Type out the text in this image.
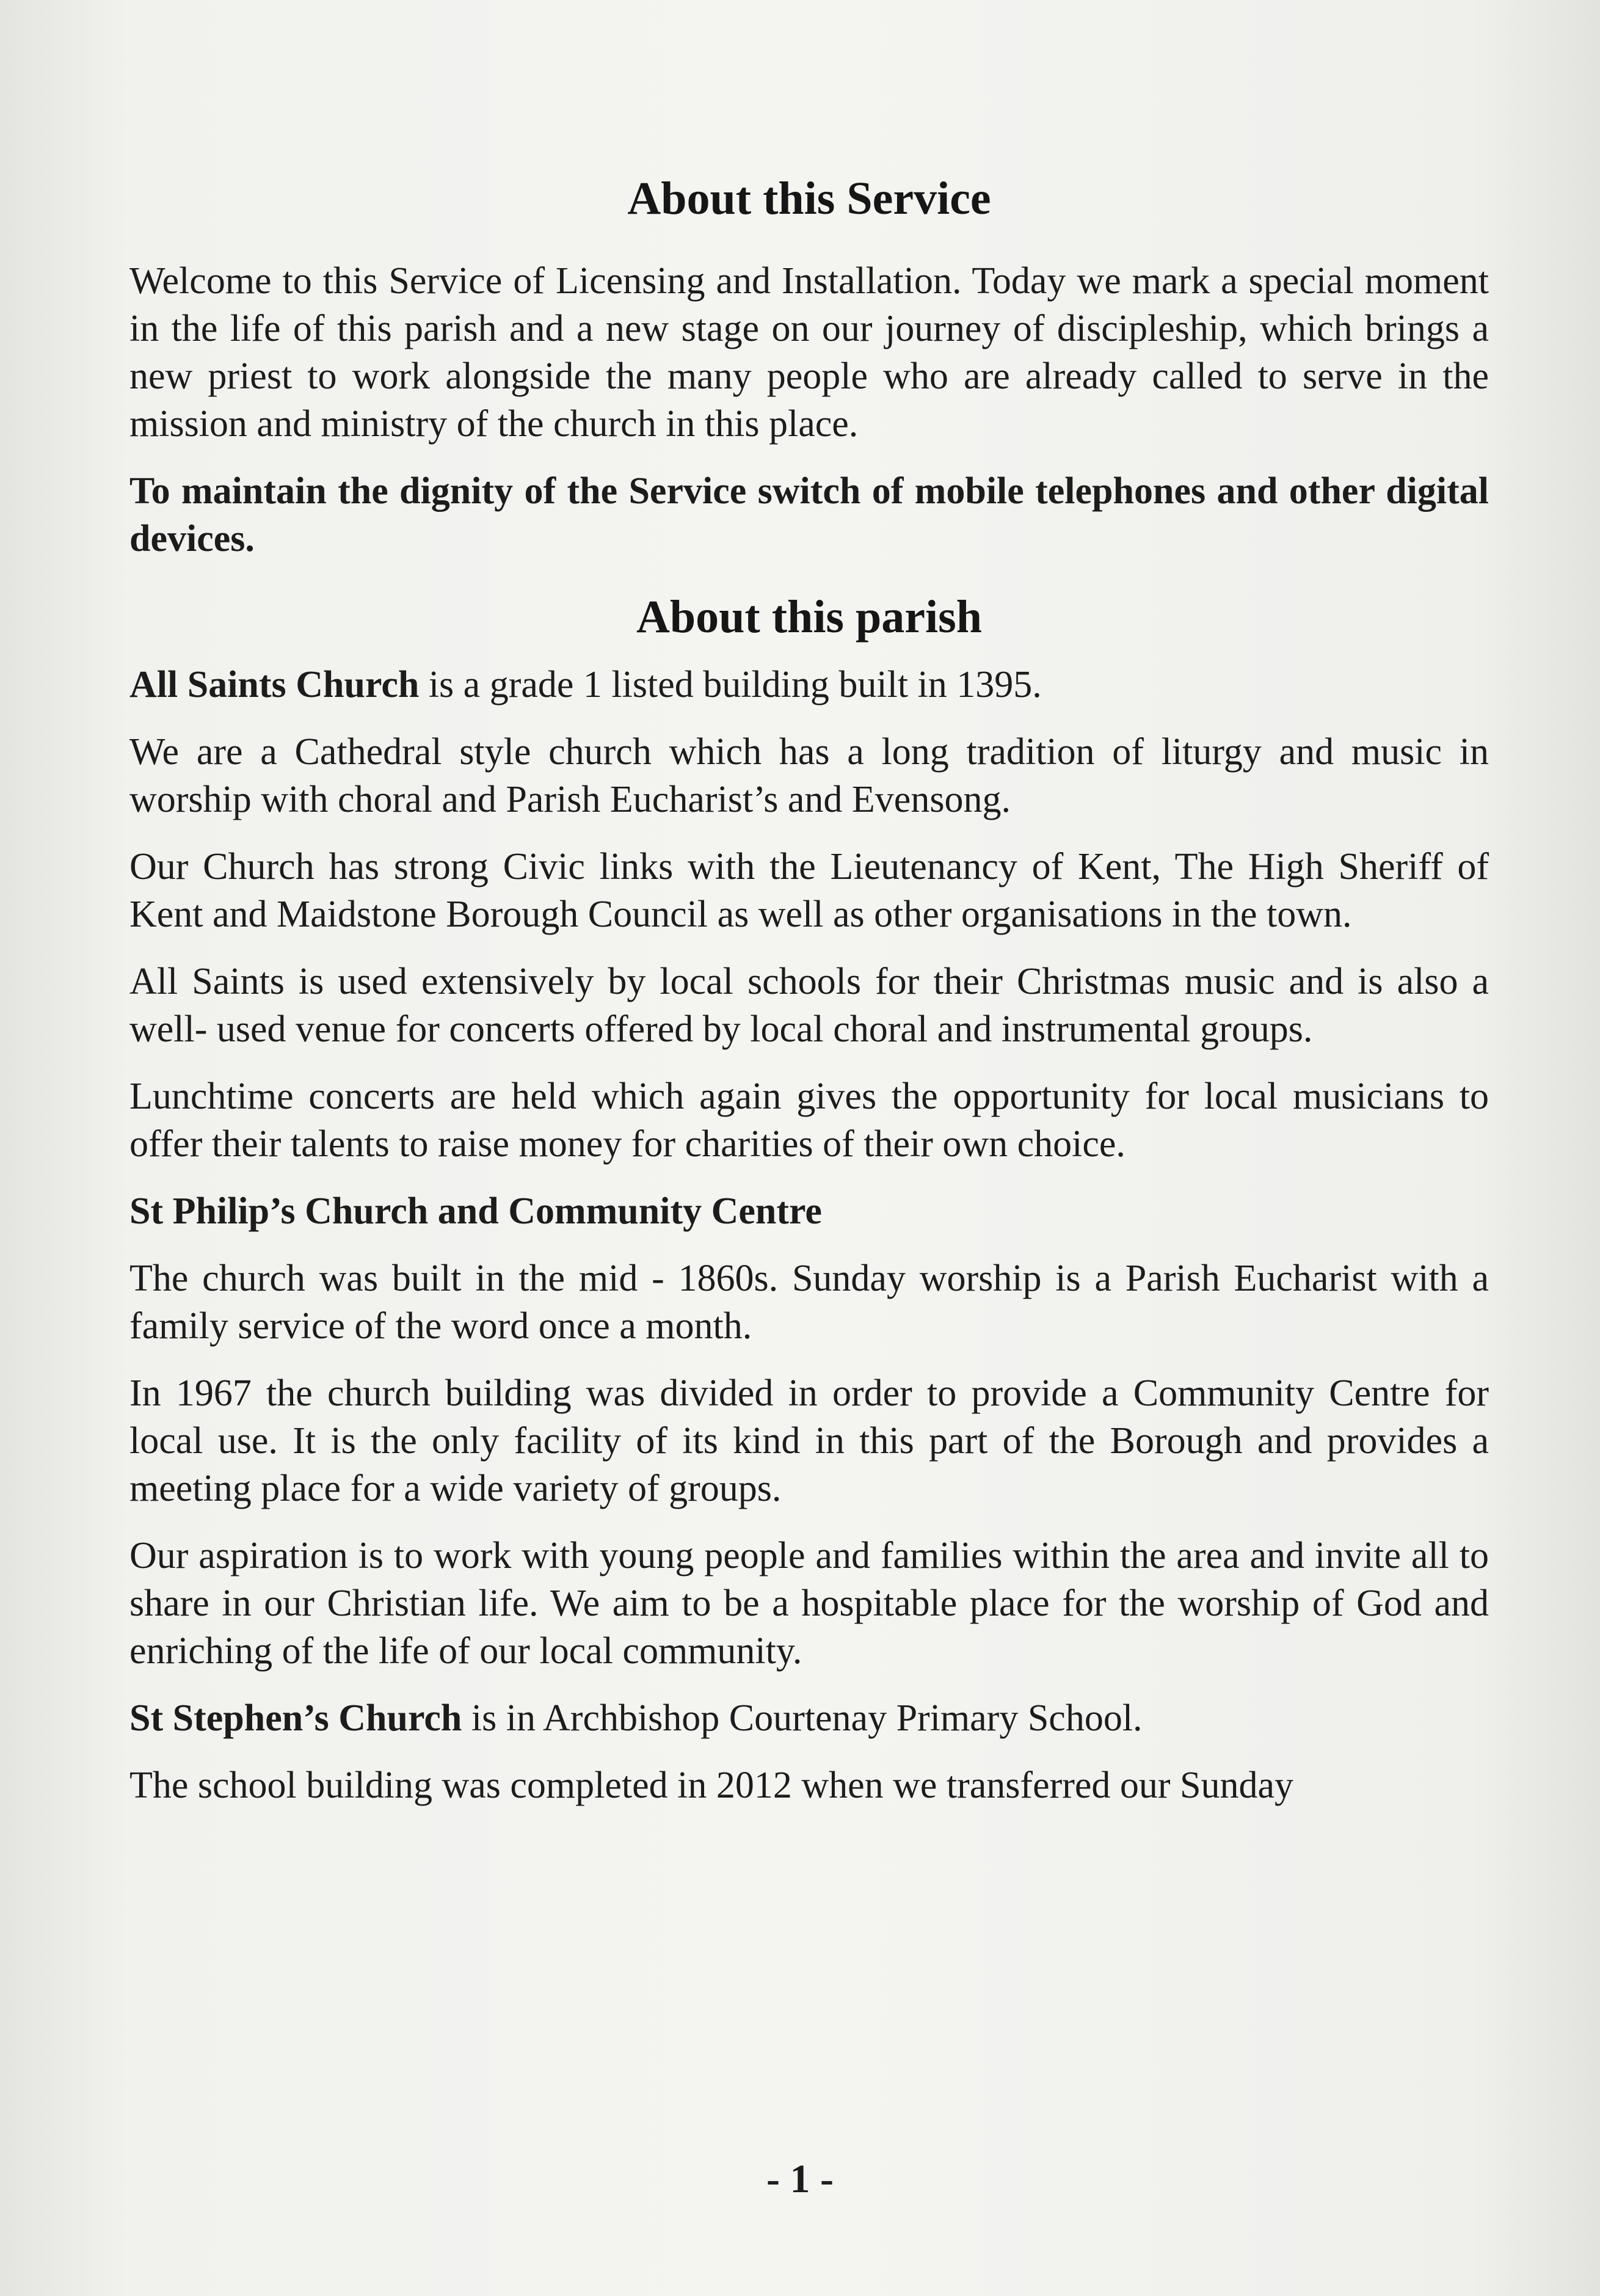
About this Service

Welcome to this Service of Licensing and Installation. Today we mark a special moment in the life of this parish and a new stage on our journey of discipleship, which brings a new priest to work alongside the many people who are already called to serve in the mission and ministry of the church in this place.

To maintain the dignity of the Service switch of mobile telephones and other digital devices.

About this parish

All Saints Church is a grade 1 listed building built in 1395.

We are a Cathedral style church which has a long tradition of liturgy and music in worship with choral and Parish Eucharist’s and Evensong.

Our Church has strong Civic links with the Lieutenancy of Kent, The High Sheriff of Kent and Maidstone Borough Council as well as other organisations in the town.

All Saints is used extensively by local schools for their Christmas music and is also a well- used venue for concerts offered by local choral and instrumental groups.

Lunchtime concerts are held which again gives the opportunity for local musicians to offer their talents to raise money for charities of their own choice.

St Philip’s Church and Community Centre

The church was built in the mid - 1860s. Sunday worship is a Parish Eucharist with a family service of the word once a month.

In 1967 the church building was divided in order to provide a Community Centre for local use. It is the only facility of its kind in this part of the Borough and provides a meeting place for a wide variety of groups.

Our aspiration is to work with young people and families within the area and invite all to share in our Christian life. We aim to be a hospitable place for the worship of God and enriching of the life of our local community.

St Stephen’s Church is in Archbishop Courtenay Primary School.

The school building was completed in 2012 when we transferred our Sunday

- 1 -
